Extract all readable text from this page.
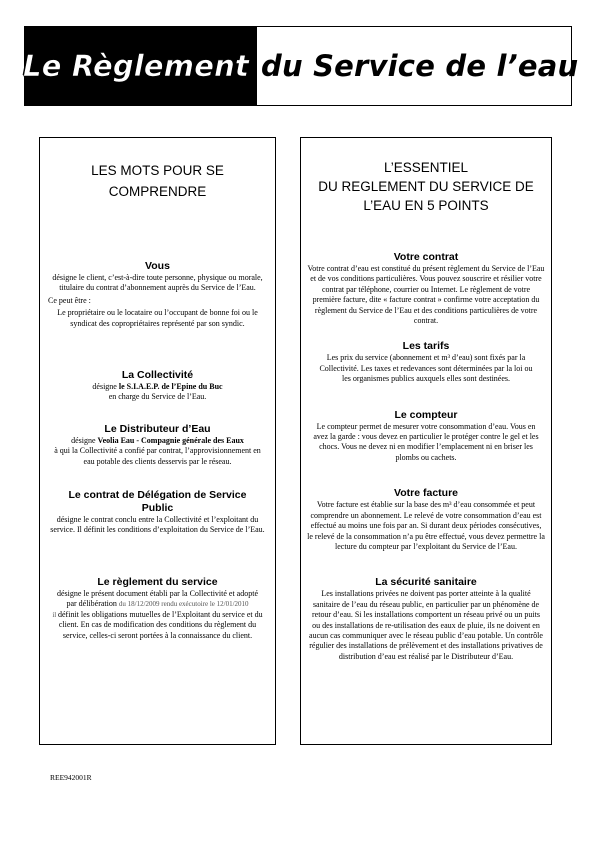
Le Règlement du Service de l’eau
LES MOTS POUR SE COMPRENDRE
Vous
désigne le client, c’est-à-dire toute personne, physique ou morale, titulaire du contrat d’abonnement auprès du Service de l’Eau.

Ce peut être :

Le propriétaire ou le locataire ou l’occupant de bonne foi ou le syndicat des copropriétaires représenté par son syndic.
La Collectivité
désigne le S.I.A.E.P. de l’Epine du Buc
en charge du Service de l’Eau.
Le Distributeur d’Eau
désigne Veolia Eau - Compagnie générale des Eaux
à qui la Collectivité a confié par contrat, l’approvisionnement en eau potable des clients desservis par le réseau.
Le contrat de Délégation de Service Public
désigne le contrat conclu entre la Collectivité et l’exploitant du service. Il définit les conditions d’exploitation du Service de l’Eau.
Le règlement du service
désigne le présent document établi par la Collectivité et adopté
par délibération du 18/12/2009 rendu exécutoire le 12/01/2010
il définit les obligations mutuelles de l’Exploitant du service et du client. En cas de modification des conditions du règlement du service, celles-ci seront portées à la connaissance du client.
L’ESSENTIEL
DU REGLEMENT DU SERVICE DE
L’EAU EN 5 POINTS
Votre contrat
Votre contrat d’eau est constitué du présent règlement du Service de l’Eau et de vos conditions particulières. Vous pouvez souscrire et résilier votre contrat par téléphone, courrier ou Internet. Le règlement de votre première facture, dite « facture contrat » confirme votre acceptation du règlement du Service de l’Eau et des conditions particulières de votre contrat.
Les tarifs
Les prix du service (abonnement et m³ d’eau) sont fixés par la Collectivité. Les taxes et redevances sont déterminées par la loi ou les organismes publics auxquels elles sont destinées.
Le compteur
Le compteur permet de mesurer votre consommation d’eau. Vous en avez la garde : vous devez en particulier le protéger contre le gel et les chocs. Vous ne devez ni en modifier l’emplacement ni en briser les plombs ou cachets.
Votre facture
Votre facture est établie sur la base des m³ d’eau consommée et peut comprendre un abonnement. Le relevé de votre consommation d’eau est effectué au moins une fois par an. Si durant deux périodes consécutives, le relevé de la consommation n’a pu être effectué, vous devez permettre la lecture du compteur par l’exploitant du Service de l’Eau.
La sécurité sanitaire
Les installations privées ne doivent pas porter atteinte à la qualité sanitaire de l’eau du réseau public, en particulier par un phénomène de retour d’eau. Si les installations comportent un réseau privé ou un puits ou des installations de re-utilisation des eaux de pluie, ils ne doivent en aucun cas communiquer avec le réseau public d’eau potable. Un contrôle régulier des installations de prélèvement et des installations privatives de distribution d’eau est réalisé par le Distributeur d’Eau.
REE942001R
